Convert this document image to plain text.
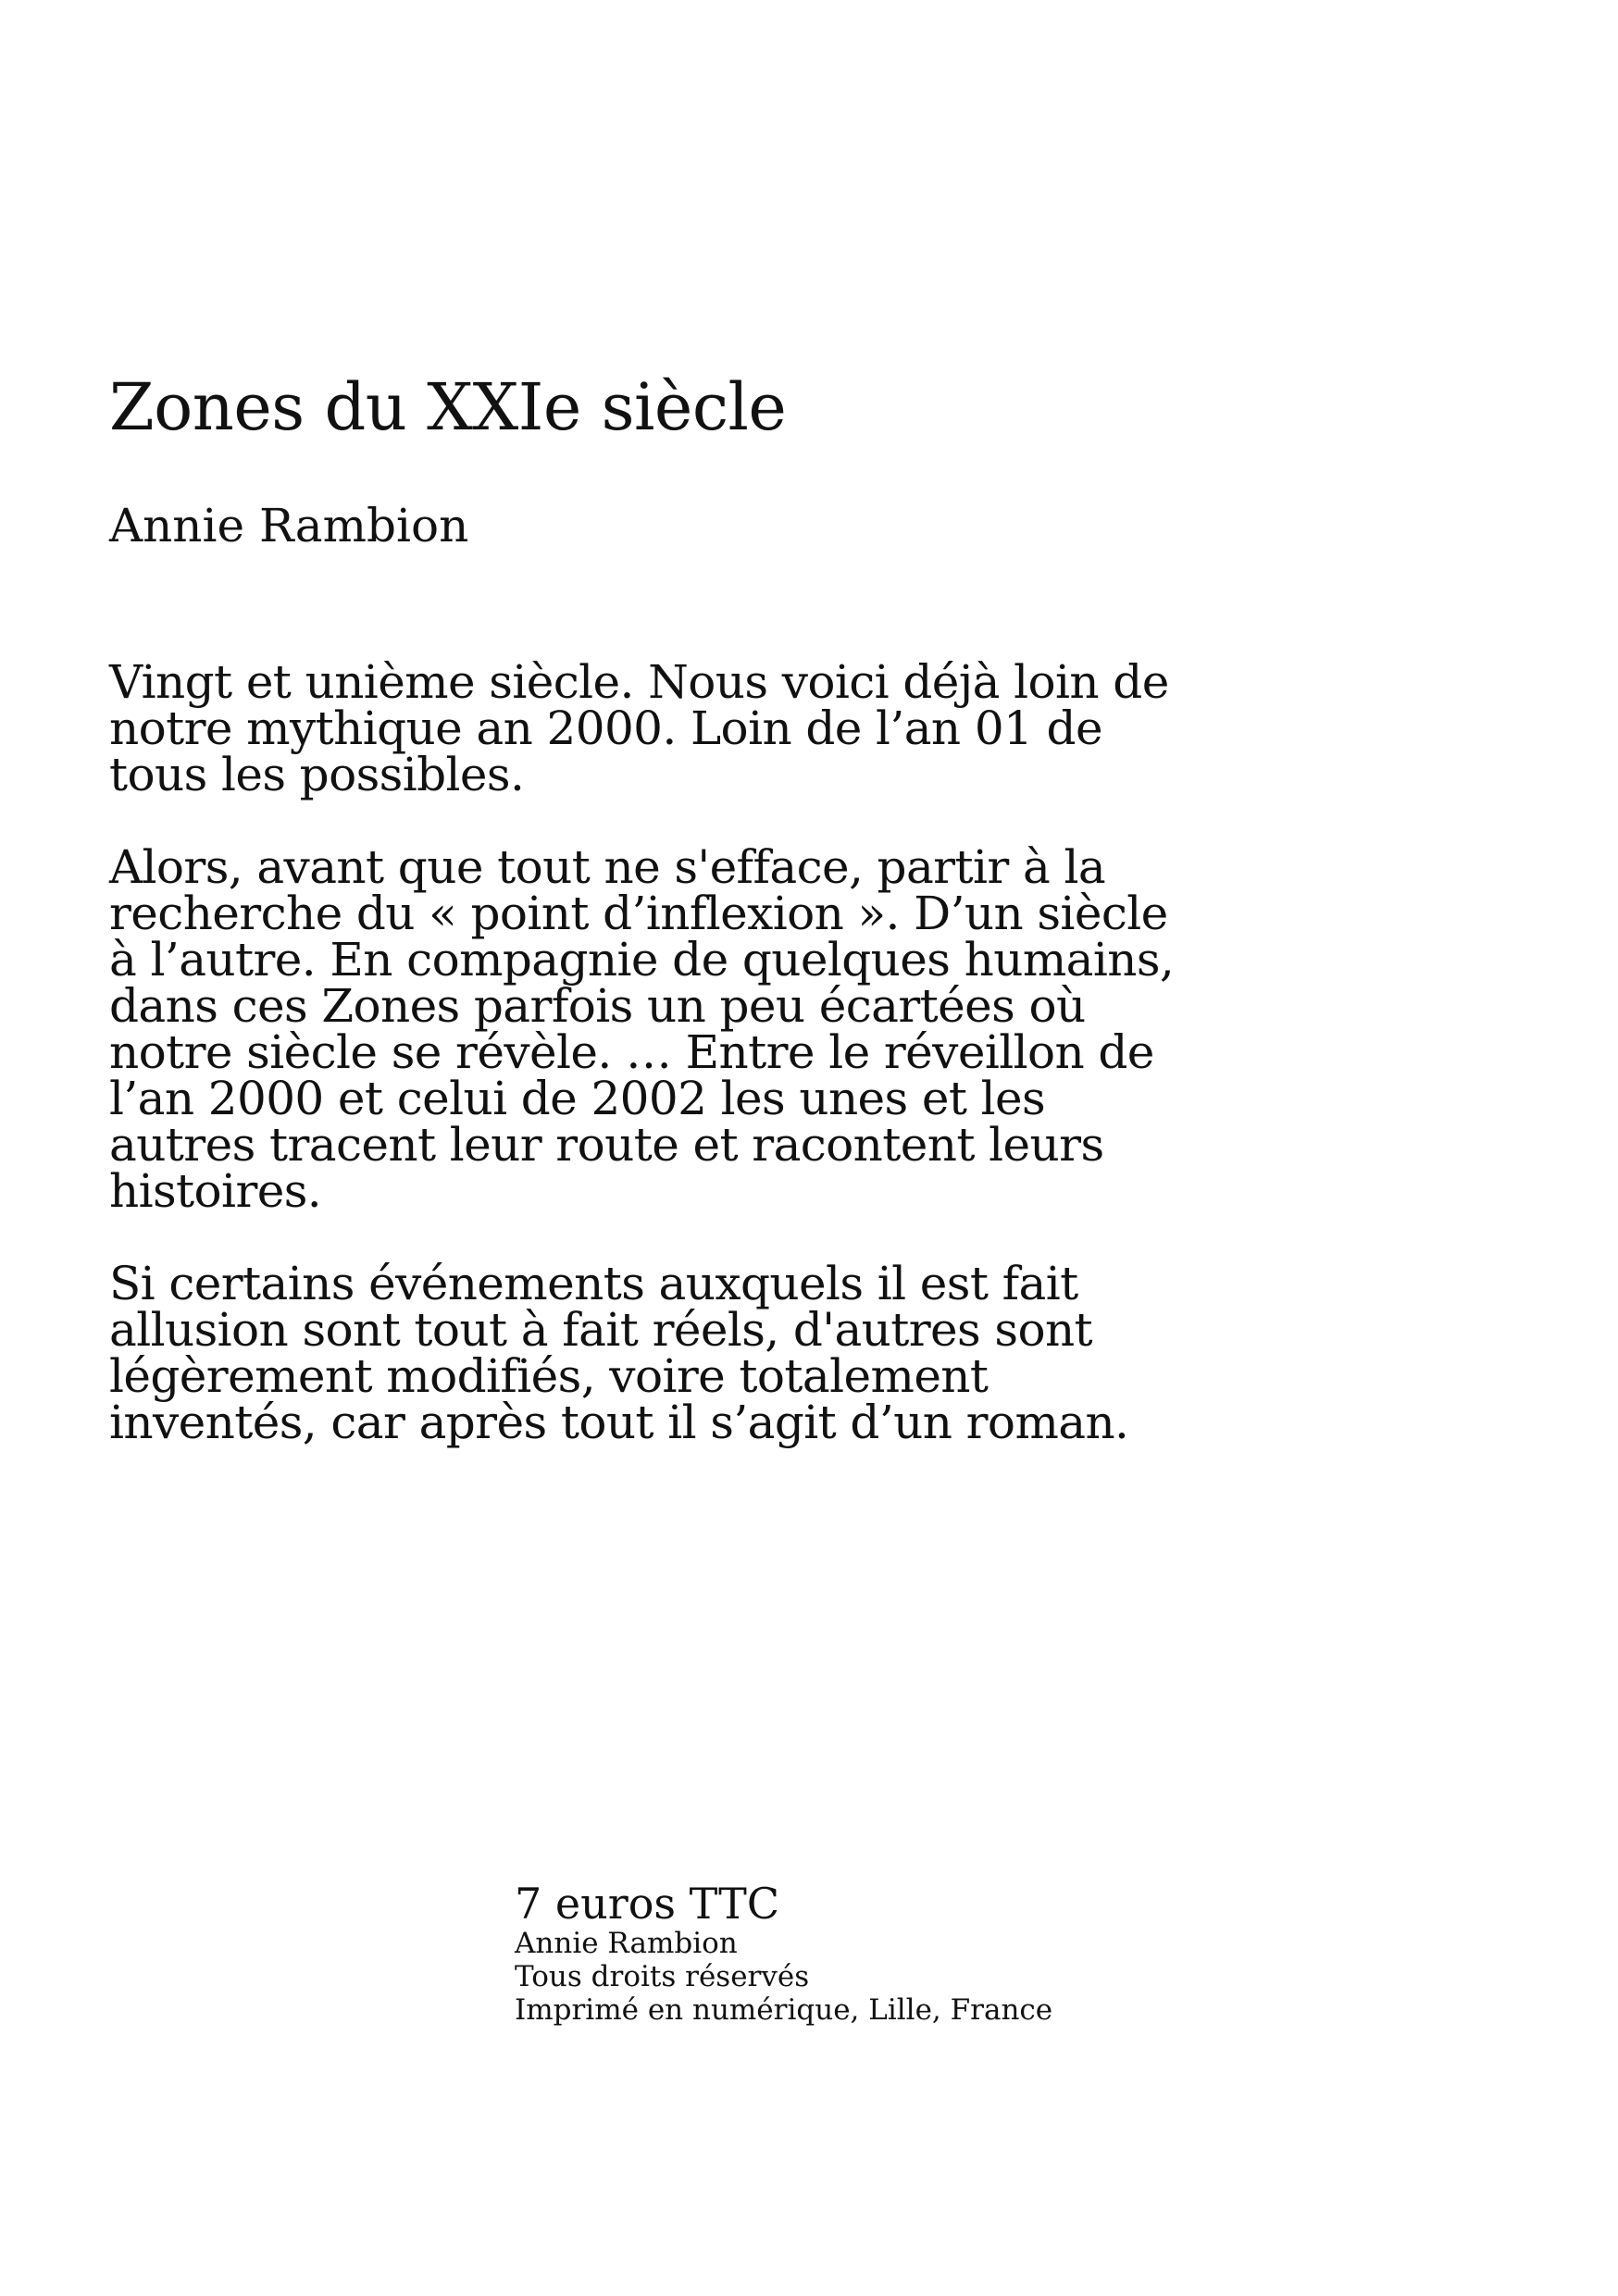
Zones du XXIe siècle
Annie Rambion

Vingt et unième siècle. Nous voici déjà loin de
notre mythique an 2000. Loin de l’an 01 de
tous les possibles.

Alors, avant que tout ne s'efface, partir à la
recherche du « point d’inflexion ». D’un siècle
à l’autre. En compagnie de quelques humains,
dans ces Zones parfois un peu écartées où
notre siècle se révèle. … Entre le réveillon de
l’an 2000 et celui de 2002 les unes et les
autres tracent leur route et racontent leurs
histoires.

Si certains événements auxquels il est fait
allusion sont tout à fait réels, d'autres sont
légèrement modifiés, voire totalement
inventés, car après tout il s’agit d’un roman.

7 euros TTC
Annie Rambion
Tous droits réservés
Imprimé en numérique, Lille, France
